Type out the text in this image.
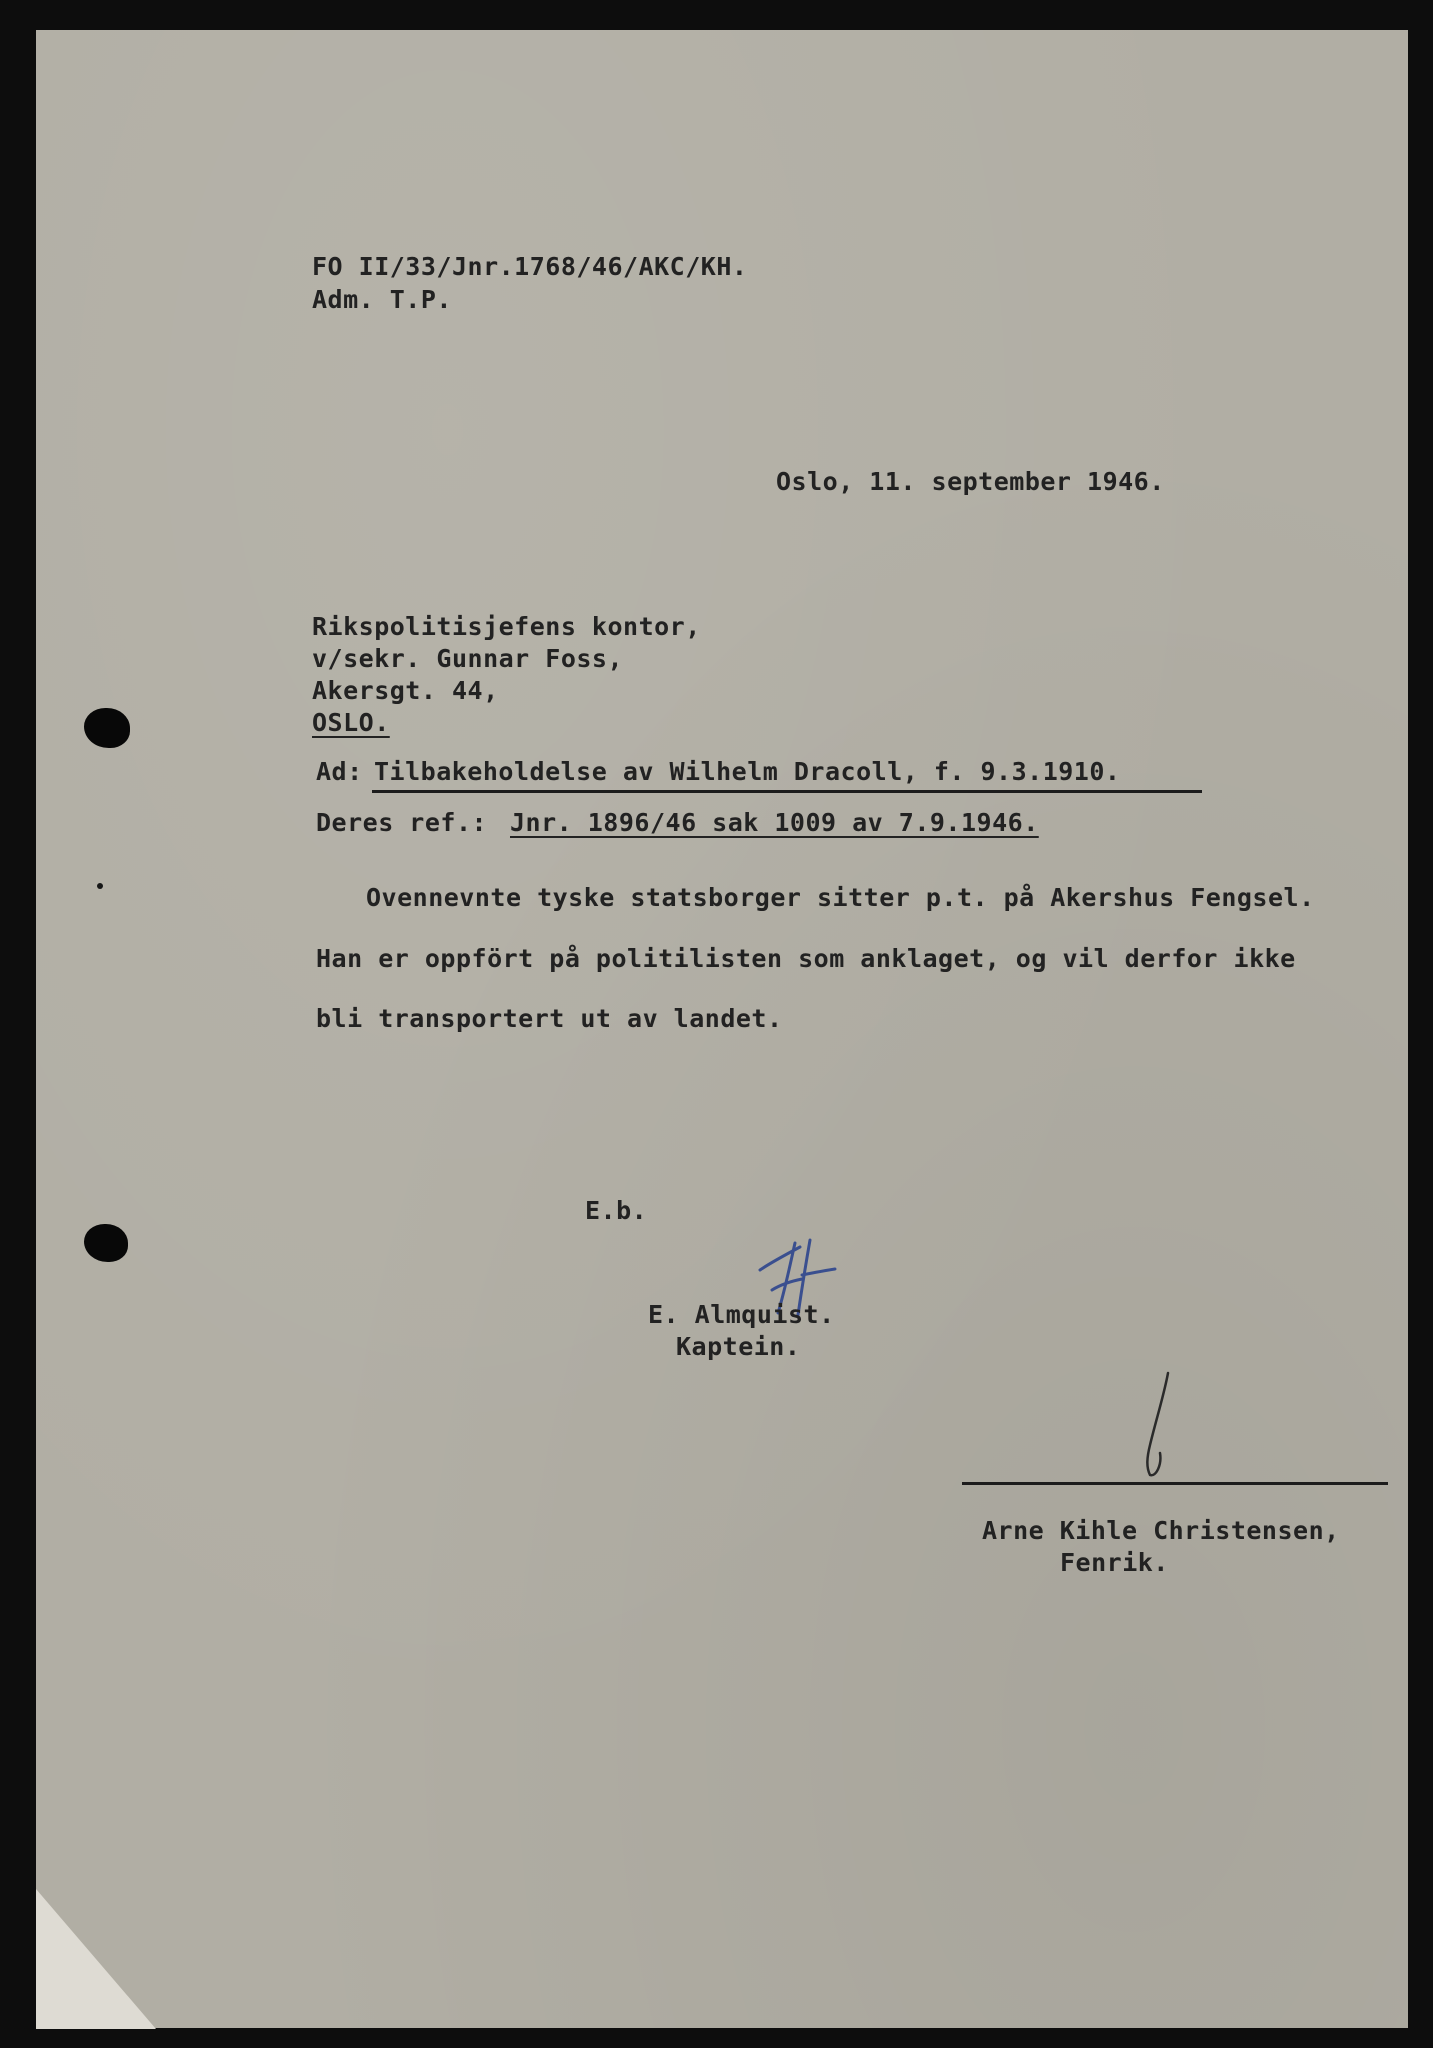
FO II/33/Jnr.1768/46/AKC/KH.
Adm. T.P.
Oslo, 11. september 1946.
Rikspolitisjefens kontor,
v/sekr. Gunnar Foss,
Akersgt. 44,
OSLO.
Ad: Tilbakeholdelse av Wilhelm Dracoll, f. 9.3.1910.
Deres ref.: Jnr. 1896/46 sak 1009 av 7.9.1946.
Ovennevnte tyske statsborger sitter p.t. på Akershus Fengsel.
Han er oppfört på politilisten som anklaget, og vil derfor ikke
bli transportert ut av landet.
E.b.
E. Almquist.
Kaptein.
Arne Kihle Christensen,
Fenrik.
